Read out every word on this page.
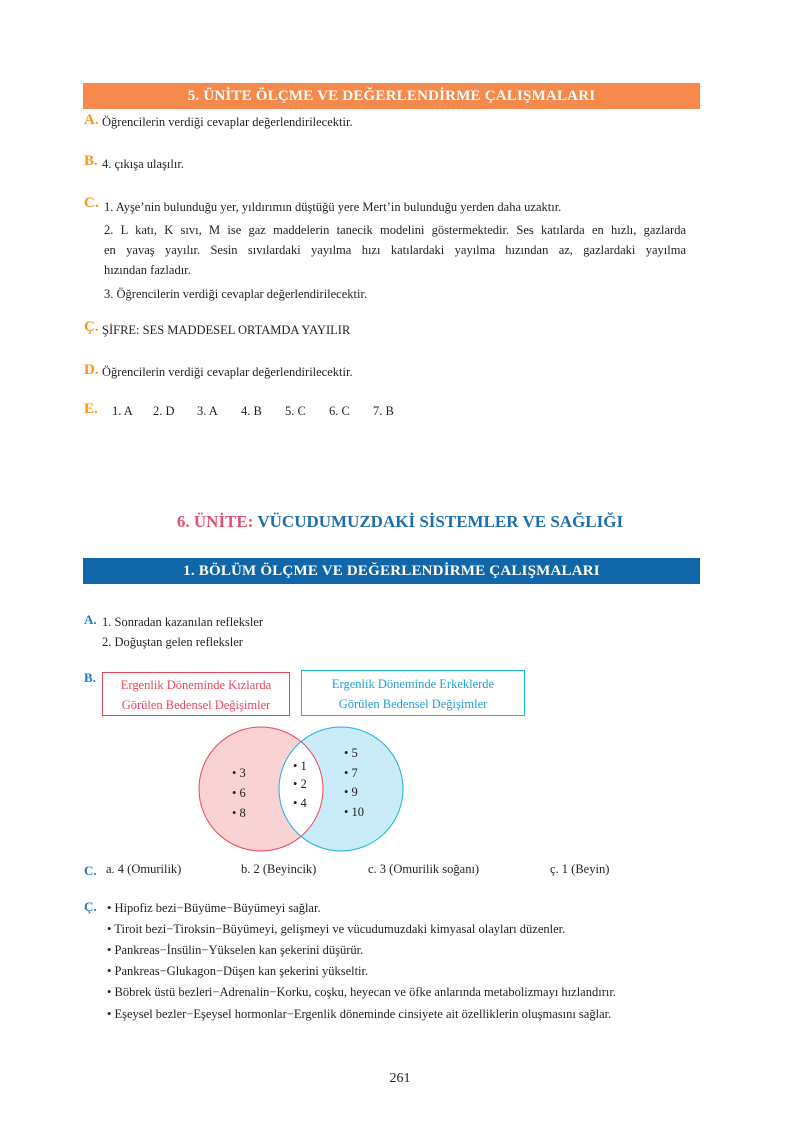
5. ÜNİTE ÖLÇME VE DEĞERLENDİRME ÇALIŞMALARI
A. Öğrencilerin verdiği cevaplar değerlendirilecektir.
B. 4. çıkışa ulaşılır.
C. 1. Ayşe’nin bulunduğu yer, yıldırımın düştüğü yere Mert’in bulunduğu yerden daha uzaktır.
2. L katı, K sıvı, M ise gaz maddelerin tanecik modelini göstermektedir. Ses katılarda en hızlı, gazlarda
en yavaş yayılır. Sesin sıvılardaki yayılma hızı katılardaki yayılma hızından az, gazlardaki yayılma
hızından fazladır.
3. Öğrencilerin verdiği cevaplar değerlendirilecektir.
Ç. ŞİFRE: SES MADDESEL ORTAMDA YAYILIR
D. Öğrencilerin verdiği cevaplar değerlendirilecektir.
E. 1. A 2. D 3. A 4. B 5. C 6. C 7. B
6. ÜNİTE: VÜCUDUMUZDAKİ SİSTEMLER VE SAĞLIĞI
1. BÖLÜM ÖLÇME VE DEĞERLENDİRME ÇALIŞMALARI
A. 1. Sonradan kazanılan refleksler
2. Doğuştan gelen refleksler
B.	Ergenlik Döneminde Kızlarda
Görülen Bedensel Değişimler
Ergenlik Döneminde Erkeklerde
Görülen Bedensel Değişimler
• 3
• 6
• 8
• 1
• 2
• 4
• 5
• 7
• 9
• 10
C. a. 4 (Omurilik)	b. 2 (Beyincik)	c. 3 (Omurilik soğanı)	ç. 1 (Beyin)
Ç. • Hipofiz bezi−Büyüme−Büyümeyi sağlar.
• Tiroit bezi−Tiroksin−Büyümeyi, gelişmeyi ve vücudumuzdaki kimyasal olayları düzenler.
• Pankreas−İnsülin−Yükselen kan şekerini düşürür.
• Pankreas−Glukagon−Düşen kan şekerini yükseltir.
• Böbrek üstü bezleri−Adrenalin−Korku, coşku, heyecan ve öfke anlarında metabolizmayı hızlandırır.
• Eşeysel bezler−Eşeysel hormonlar−Ergenlik döneminde cinsiyete ait özelliklerin oluşmasını sağlar.
261
